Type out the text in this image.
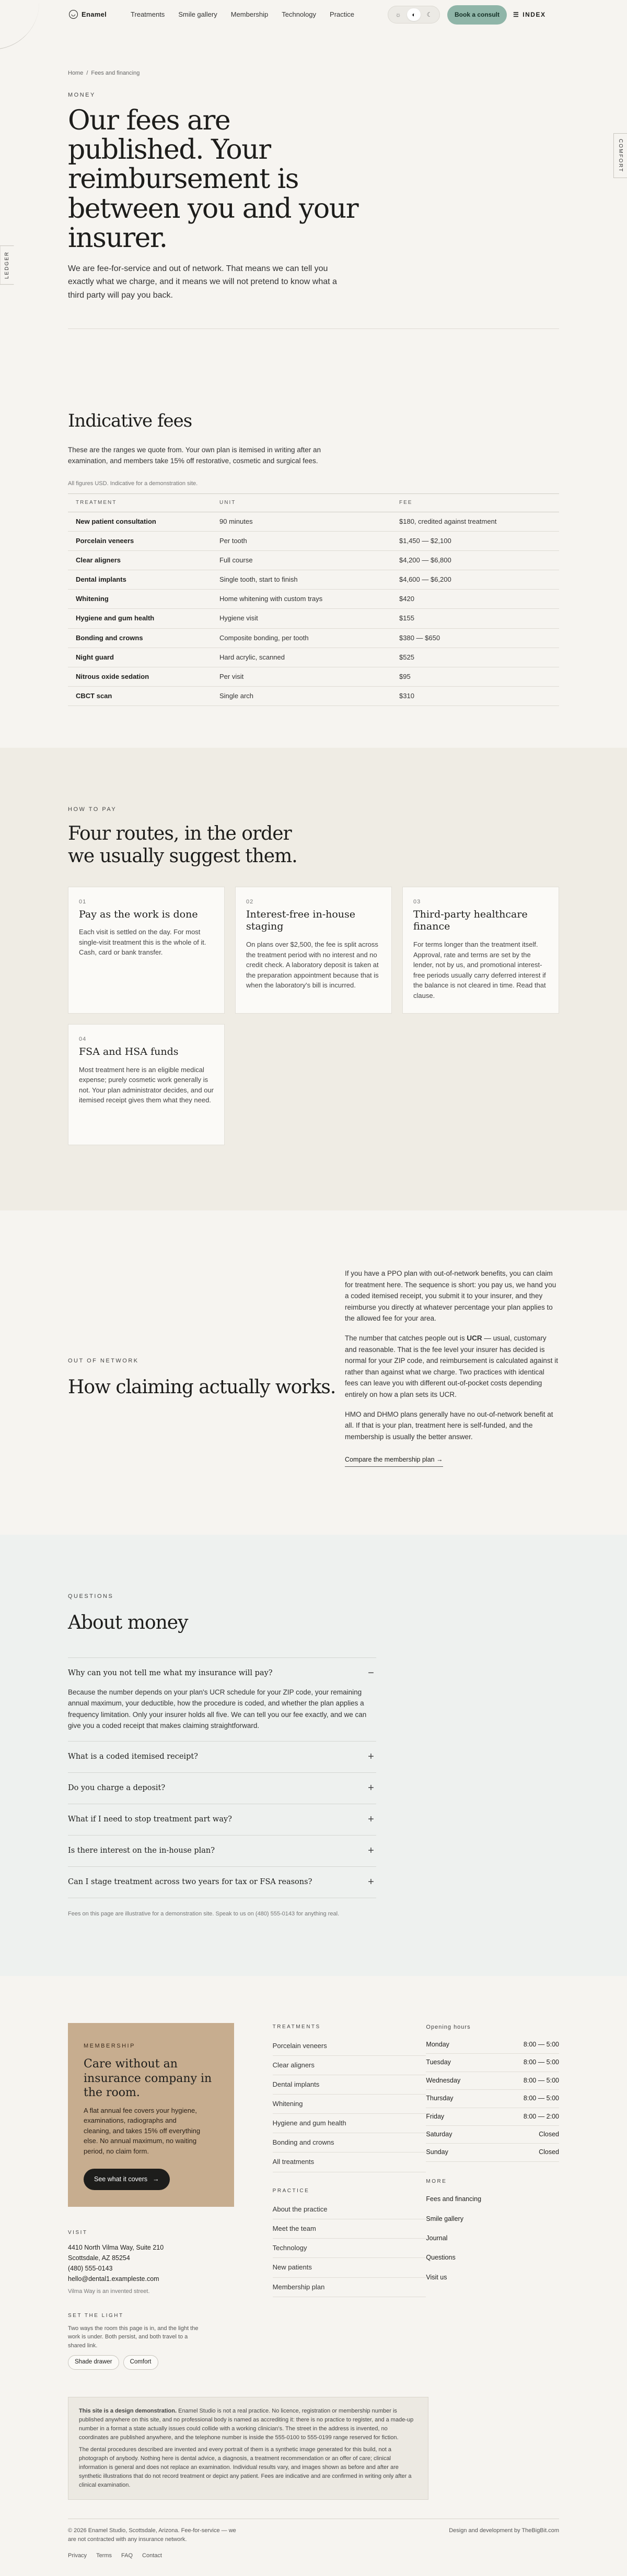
◡ Enamel	Treatments Smile gallery Membership Technology Practice	☼	◐	☾	Book a consult	☰ INDEX
LEDGER
COMFORT
Home / Fees and financing
MONEY
Our fees are published. Your reimbursement is between you and your insurer.

We are fee-for-service and out of network. That means we can tell you exactly what we charge, and it means we will not pretend to know what a third party will pay you back.

Indicative fees

These are the ranges we quote from. Your own plan is itemised in writing after an examination, and members take 15% off restorative, cosmetic and surgical fees.

All figures USD. Indicative for a demonstration site.
TREATMENT	UNIT	FEE
New patient consultation	90 minutes	$180, credited against treatment
Porcelain veneers	Per tooth	$1,450 — $2,100
Clear aligners	Full course	$4,200 — $6,800
Dental implants	Single tooth, start to finish	$4,600 — $6,200
Whitening	Home whitening with custom trays	$420
Hygiene and gum health	Hygiene visit	$155
Bonding and crowns	Composite bonding, per tooth	$380 — $650
Night guard	Hard acrylic, scanned	$525
Nitrous oxide sedation	Per visit	$95
CBCT scan	Single arch	$310
HOW TO PAY
Four routes, in the order we usually suggest them.
01
Pay as the work is done

Each visit is settled on the day. For most single-visit treatment this is the whole of it. Cash, card or bank transfer.

02
Interest-free in-house staging

On plans over $2,500, the fee is split across the treatment period with no interest and no credit check. A laboratory deposit is taken at the preparation appointment because that is when the laboratory's bill is incurred.

03
Third-party healthcare finance

For terms longer than the treatment itself. Approval, rate and terms are set by the lender, not by us, and promotional interest-free periods usually carry deferred interest if the balance is not cleared in time. Read that clause.

04
FSA and HSA funds

Most treatment here is an eligible medical expense; purely cosmetic work generally is not. Your plan administrator decides, and our itemised receipt gives them what they need.

OUT OF NETWORK
How claiming actually works.

If you have a PPO plan with out-of-network benefits, you can claim for treatment here. The sequence is short: you pay us, we hand you a coded itemised receipt, you submit it to your insurer, and they reimburse you directly at whatever percentage your plan applies to the allowed fee for your area.

The number that catches people out is UCR — usual, customary and reasonable. That is the fee level your insurer has decided is normal for your ZIP code, and reimbursement is calculated against it rather than against what we charge. Two practices with identical fees can leave you with different out-of-pocket costs depending entirely on how a plan sets its UCR.

HMO and DHMO plans generally have no out-of-network benefit at all. If that is your plan, treatment here is self-funded, and the membership is usually the better answer.

Compare the membership plan →
QUESTIONS
About money
Why can you not tell me what my insurance will pay?	−

Because the number depends on your plan's UCR schedule for your ZIP code, your remaining annual maximum, your deductible, how the procedure is coded, and whether the plan applies a frequency limitation. Only your insurer holds all five. We can tell you our fee exactly, and we can give you a coded receipt that makes claiming straightforward.

What is a coded itemised receipt?	+
Do you charge a deposit?	+
What if I need to stop treatment part way?	+
Is there interest on the in-house plan?	+
Can I stage treatment across two years for tax or FSA reasons?	+
Fees on this page are illustrative for a demonstration site. Speak to us on (480) 555-0143 for anything real.
MEMBERSHIP
Care without an insurance company in the room.

A flat annual fee covers your hygiene, examinations, radiographs and cleaning, and takes 15% off everything else. No annual maximum, no waiting period, no claim form.

See what it covers →
VISIT
4410 North Vilma Way, Suite 210
Scottsdale, AZ 85254
(480) 555-0143
hello@dental1.exampleste.com
Vilma Way is an invented street.
SET THE LIGHT

Two ways the room this page is in, and the light the work is under. Both persist, and both travel to a shared link.

Shade drawer	Comfort
TREATMENTS
Porcelain veneers
Clear aligners
Dental implants
Whitening
Hygiene and gum health
Bonding and crowns
All treatments
PRACTICE
About the practice
Meet the team
Technology
New patients
Membership plan
Opening hours
Monday	8:00 — 5:00
Tuesday	8:00 — 5:00
Wednesday	8:00 — 5:00
Thursday	8:00 — 5:00
Friday	8:00 — 2:00
Saturday	Closed
Sunday	Closed
MORE
Fees and financing
Smile gallery
Journal
Questions
Visit us

This site is a design demonstration. Enamel Studio is not a real practice. No licence, registration or membership number is published anywhere on this site, and no professional body is named as accrediting it: there is no practice to register, and a made-up number in a format a state actually issues could collide with a working clinician's. The street in the address is invented, no coordinates are published anywhere, and the telephone number is inside the 555-0100 to 555-0199 range reserved for fiction.

The dental procedures described are invented and every portrait of them is a synthetic image generated for this build, not a photograph of anybody. Nothing here is dental advice, a diagnosis, a treatment recommendation or an offer of care; clinical information is general and does not replace an examination. Individual results vary, and images shown as before and after are synthetic illustrations that do not record treatment or depict any patient. Fees are indicative and are confirmed in writing only after a clinical examination.

© 2026 Enamel Studio, Scottsdale, Arizona. Fee-for-service — we are not contracted with any insurance network.
Design and development by TheBigBit.com
Privacy Terms FAQ Contact
